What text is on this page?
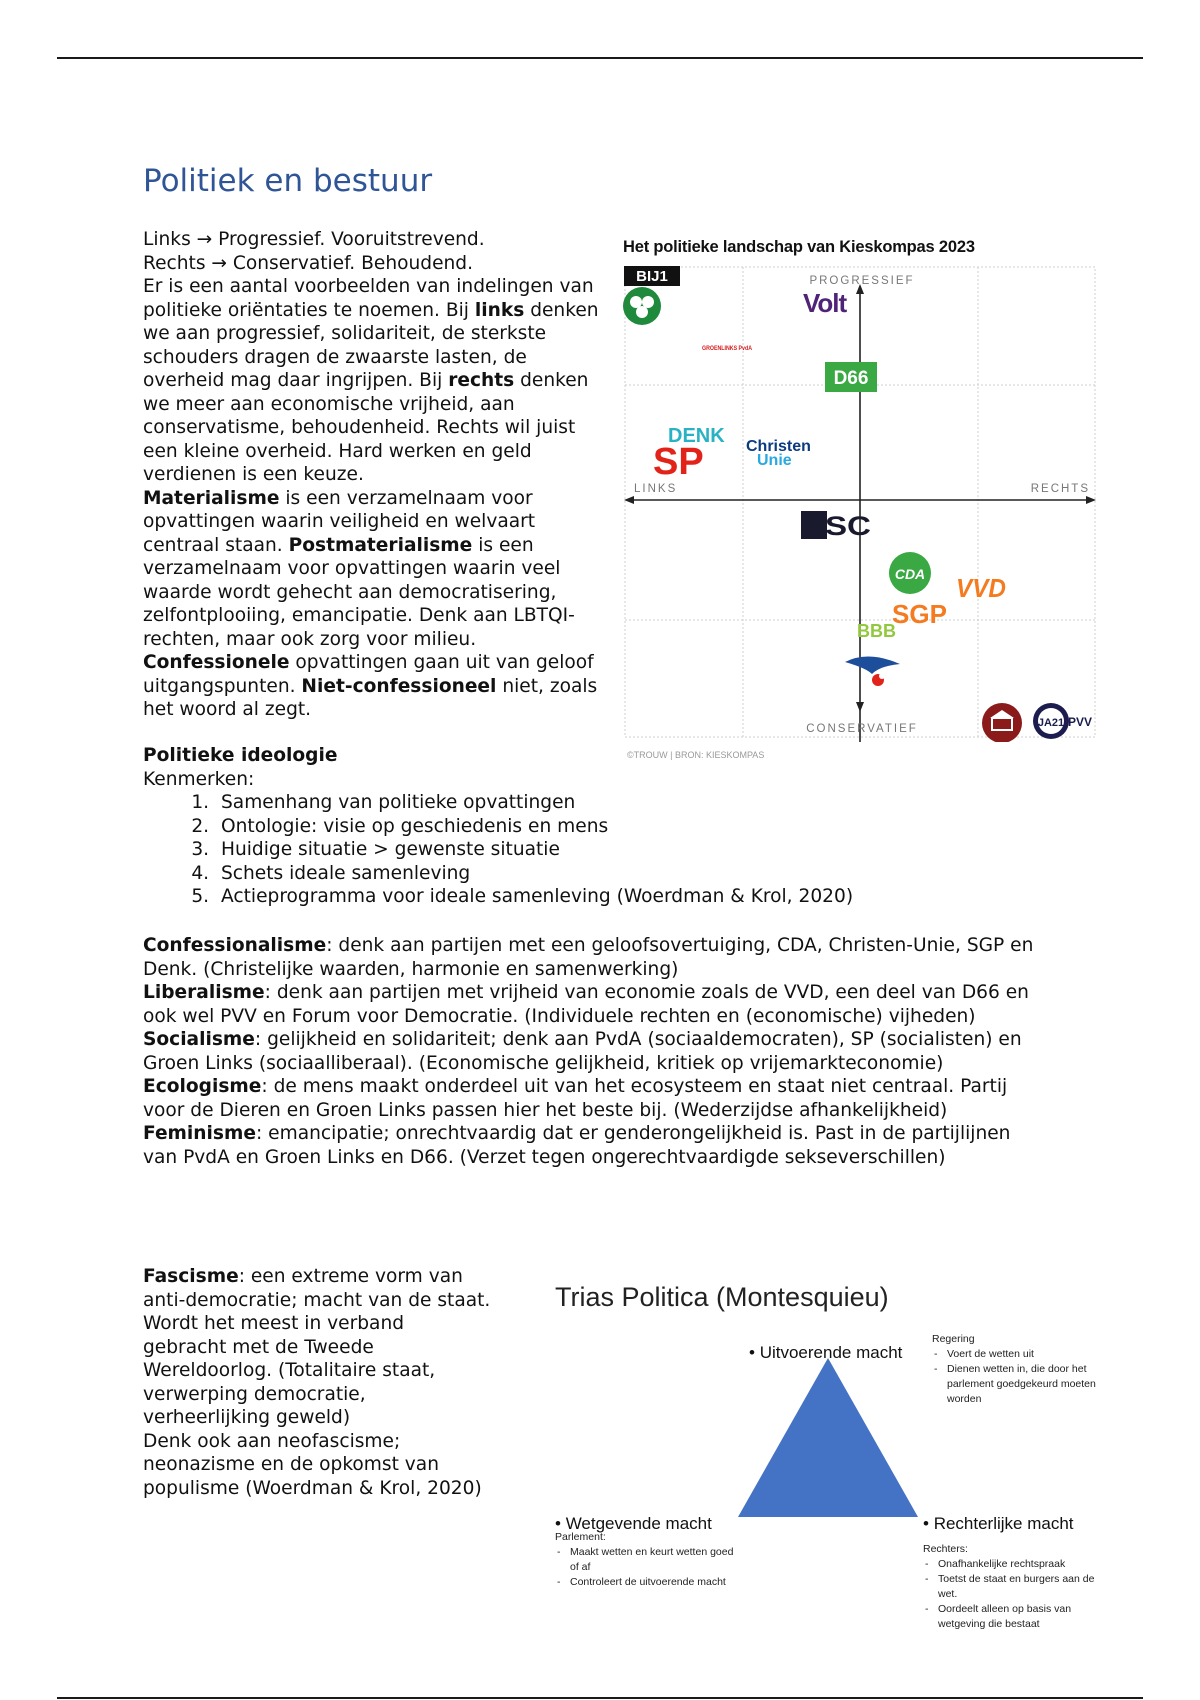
Politiek en bestuur

Links → Progressief. Vooruitstrevend.

Rechts → Conservatief. Behoudend.

Er is een aantal voorbeelden van indelingen van politieke oriëntaties te noemen. Bij links denken we aan progressief, solidariteit, de sterkste schouders dragen de zwaarste lasten, de overheid mag daar ingrijpen. Bij rechts denken we meer aan economische vrijheid, aan conservatisme, behoudenheid. Rechts wil juist een kleine overheid. Hard werken en geld verdienen is een keuze.

Materialisme is een verzamelnaam voor opvattingen waarin veiligheid en welvaart centraal staan. Postmaterialisme is een verzamelnaam voor opvattingen waarin veel waarde wordt gehecht aan democratisering, zelfontplooiing, emancipatie. Denk aan LBTQI-rechten, maar ook zorg voor milieu.

Confessionele opvattingen gaan uit van geloof uitgangspunten. Niet-confessioneel niet, zoals het woord al zegt.

Het politieke landschap van Kieskompas 2023
PROGRESSIEF
CONSERVATIEF
LINKS	RECHTS
BIJ1
GROENLINKS PvdA
Volt
D66
DENK
SP	Christen
Unie
NSC
CDA VVD
SGP
BBB
JA21 PVV
©TROUW | BRON: KIESKOMPAS

Politieke ideologie

Kenmerken:

1. Samenhang van politieke opvattingen
2. Ontologie: visie op geschiedenis en mens
3. Huidige situatie > gewenste situatie
4. Schets ideale samenleving
5. Actieprogramma voor ideale samenleving (Woerdman & Krol, 2020)

Confessionalisme: denk aan partijen met een geloofsovertuiging, CDA, Christen-Unie, SGP en Denk. (Christelijke waarden, harmonie en samenwerking)

Liberalisme: denk aan partijen met vrijheid van economie zoals de VVD, een deel van D66 en ook wel PVV en Forum voor Democratie. (Individuele rechten en (economische) vijheden)

Socialisme: gelijkheid en solidariteit; denk aan PvdA (sociaaldemocraten), SP (socialisten) en Groen Links (sociaalliberaal). (Economische gelijkheid, kritiek op vrijemarkteconomie)

Ecologisme: de mens maakt onderdeel uit van het ecosysteem en staat niet centraal. Partij voor de Dieren en Groen Links passen hier het beste bij. (Wederzijdse afhankelijkheid)

Feminisme: emancipatie; onrechtvaardig dat er genderongelijkheid is. Past in de partijlijnen van PvdA en Groen Links en D66. (Verzet tegen ongerechtvaardigde sekseverschillen)

Fascisme: een extreme vorm van anti-democratie; macht van de staat. Wordt het meest in verband gebracht met de Tweede Wereldoorlog. (Totalitaire staat, verwerping democratie, verheerlijking geweld)

Denk ook aan neofascisme; neonazisme en de opkomst van populisme (Woerdman & Krol, 2020)

Trias Politica (Montesquieu)
• Uitvoerende macht
Regering
- Voert de wetten uit
- Dienen wetten in, die door het parlement goedgekeurd moeten worden
• Wetgevende macht
Parlement:
- Maakt wetten en keurt wetten goed of af
- Controleert de uitvoerende macht
• Rechterlijke macht
Rechters:
- Onafhankelijke rechtspraak
- Toetst de staat en burgers aan de wet.
- Oordeelt alleen op basis van wetgeving die bestaat
